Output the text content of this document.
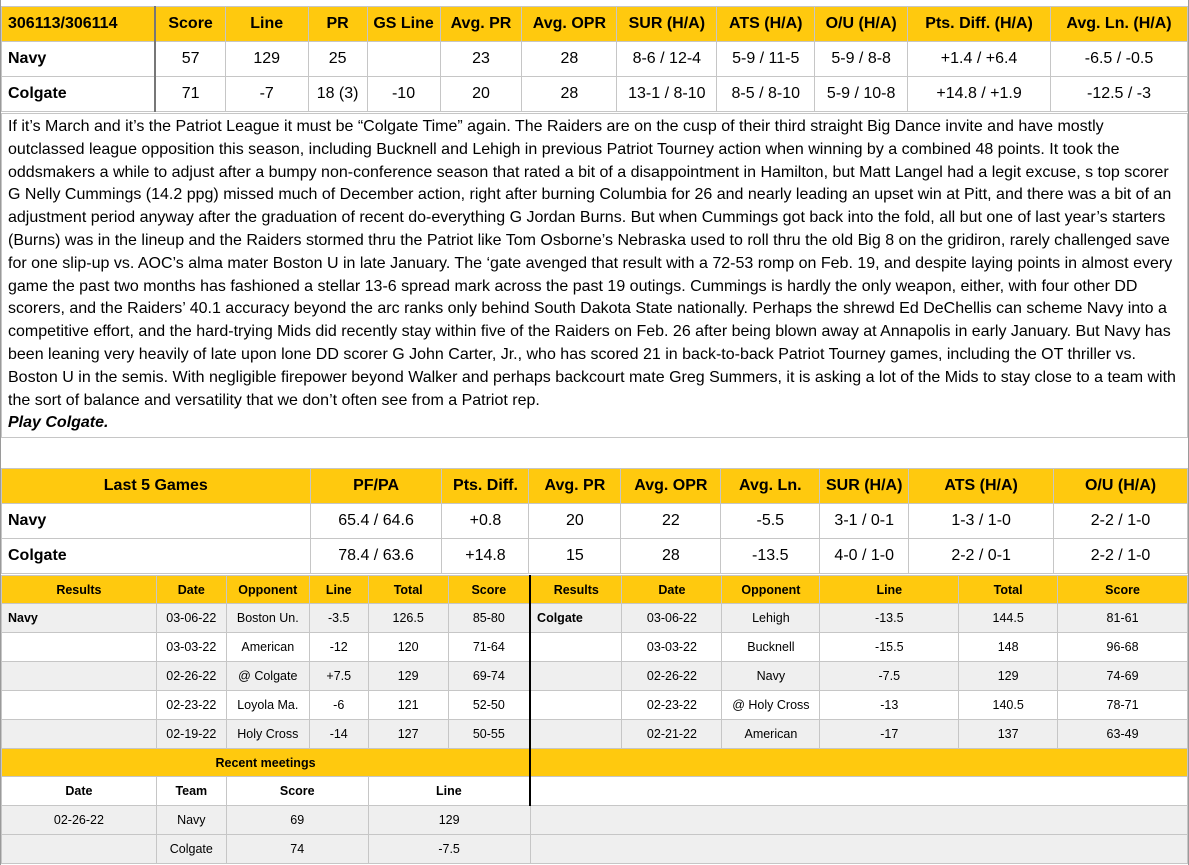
306113/306114	Score	Line	PR	GS Line	Avg. PR	Avg. OPR	SUR (H/A)	ATS (H/A)	O/U (H/A)	Pts. Diff. (H/A)	Avg. Ln. (H/A)
Navy	57	129	25		23	28	8-6 / 12-4	5-9 / 11-5	5-9 / 8-8	+1.4 / +6.4	-6.5 / -0.5
Colgate	71	-7	18 (3)	-10	20	28	13-1 / 8-10	8-5 / 8-10	5-9 / 10-8	+14.8 / +1.9	-12.5 / -3
If it’s March and it’s the Patriot League it must be “Colgate Time” again. The Raiders are on the cusp of their third straight Big Dance invite and have mostly outclassed league opposition this season, including Bucknell and Lehigh in previous Patriot Tourney action when winning by a combined 48 points. It took the oddsmakers a while to adjust after a bumpy non-conference season that rated a bit of a disappointment in Hamilton, but Matt Langel had a legit excuse, s top scorer G Nelly Cummings (14.2 ppg) missed much of December action, right after burning Columbia for 26 and nearly leading an upset win at Pitt, and there was a bit of an adjustment period anyway after the graduation of recent do-everything G Jordan Burns. But when Cummings got back into the fold, all but one of last year’s starters (Burns) was in the lineup and the Raiders stormed thru the Patriot like Tom Osborne’s Nebraska used to roll thru the old Big 8 on the gridiron, rarely challenged save for one slip-up vs. AOC’s alma mater Boston U in late January. The ‘gate avenged that result with a 72-53 romp on Feb. 19, and despite laying points in almost every game the past two months has fashioned a stellar 13-6 spread mark across the past 19 outings. Cummings is hardly the only weapon, either, with four other DD scorers, and the Raiders’ 40.1 accuracy beyond the arc ranks only behind South Dakota State nationally. Perhaps the shrewd Ed DeChellis can scheme Navy into a competitive effort, and the hard-trying Mids did recently stay within five of the Raiders on Feb. 26 after being blown away at Annapolis in early January. But Navy has been leaning very heavily of late upon lone DD scorer G John Carter, Jr., who has scored 21 in back-to-back Patriot Tourney games, including the OT thriller vs. Boston U in the semis. With negligible firepower beyond Walker and perhaps backcourt mate Greg Summers, it is asking a lot of the Mids to stay close to a team with the sort of balance and versatility that we don’t often see from a Patriot rep.
Play Colgate.
Last 5 Games	PF/PA	Pts. Diff.	Avg. PR	Avg. OPR	Avg. Ln.	SUR (H/A)	ATS (H/A)	O/U (H/A)
Navy	65.4 / 64.6	+0.8	20	22	-5.5	3-1 / 0-1	1-3 / 1-0	2-2 / 1-0
Colgate	78.4 / 63.6	+14.8	15	28	-13.5	4-0 / 1-0	2-2 / 0-1	2-2 / 1-0
Results	Date	Opponent	Line	Total	Score	Results	Date	Opponent	Line	Total	Score
Navy	03-06-22	Boston Un.	-3.5	126.5	85-80	Colgate	03-06-22	Lehigh	-13.5	144.5	81-61
	03-03-22	American	-12	120	71-64		03-03-22	Bucknell	-15.5	148	96-68
	02-26-22	@ Colgate	+7.5	129	69-74		02-26-22	Navy	-7.5	129	74-69
	02-23-22	Loyola Ma.	-6	121	52-50		02-23-22	@ Holy Cross	-13	140.5	78-71
	02-19-22	Holy Cross	-14	127	50-55		02-21-22	American	-17	137	63-49
Recent meetings											
Date	Team	Score		Line							
02-26-22	Navy	69		129							
	Colgate	74		-7.5							
